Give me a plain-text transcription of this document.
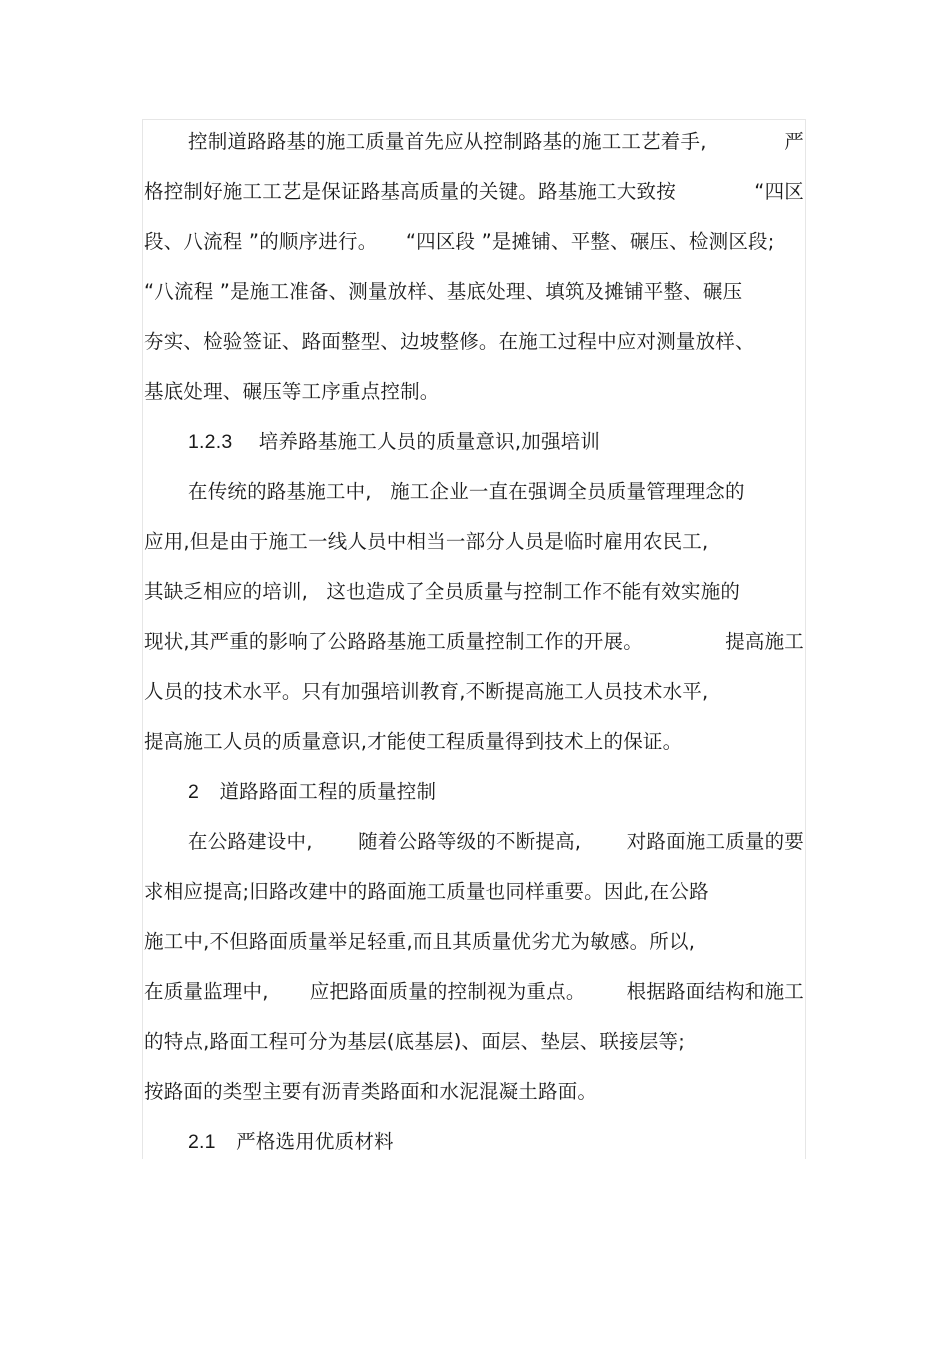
控制道路路基的施工质量首先应从控制路基的施工工艺着手,	严
格控制好施工工艺是保证路基高质量的关键。路基施工大致按	“四区
段、八流程 ”的顺序进行。 “四区段 ”是摊铺、平整、碾压、检测区段;
“八流程 ”是施工准备、测量放样、基底处理、填筑及摊铺平整、碾压
夯实、检验签证、路面整型、边坡整修。在施工过程中应对测量放样、
基底处理、碾压等工序重点控制。
1.2.3 培养路基施工人员的质量意识,加强培训
在传统的路基施工中, 施工企业一直在强调全员质量管理理念的
应用,但是由于施工一线人员中相当一部分人员是临时雇用农民工,
其缺乏相应的培训, 这也造成了全员质量与控制工作不能有效实施的
现状,其严重的影响了公路路基施工质量控制工作的开展。	提高施工
人员的技术水平。只有加强培训教育,不断提高施工人员技术水平,
提高施工人员的质量意识,才能使工程质量得到技术上的保证。
2 道路路面工程的质量控制
在公路建设中, 随着公路等级的不断提高, 对路面施工质量的要
求相应提高;旧路改建中的路面施工质量也同样重要。因此,在公路
施工中,不但路面质量举足轻重,而且其质量优劣尤为敏感。所以,
在质量监理中, 应把路面质量的控制视为重点。 根据路面结构和施工
的特点,路面工程可分为基层(底基层)、面层、垫层、联接层等;
按路面的类型主要有沥青类路面和水泥混凝土路面。
2.1 严格选用优质材料
